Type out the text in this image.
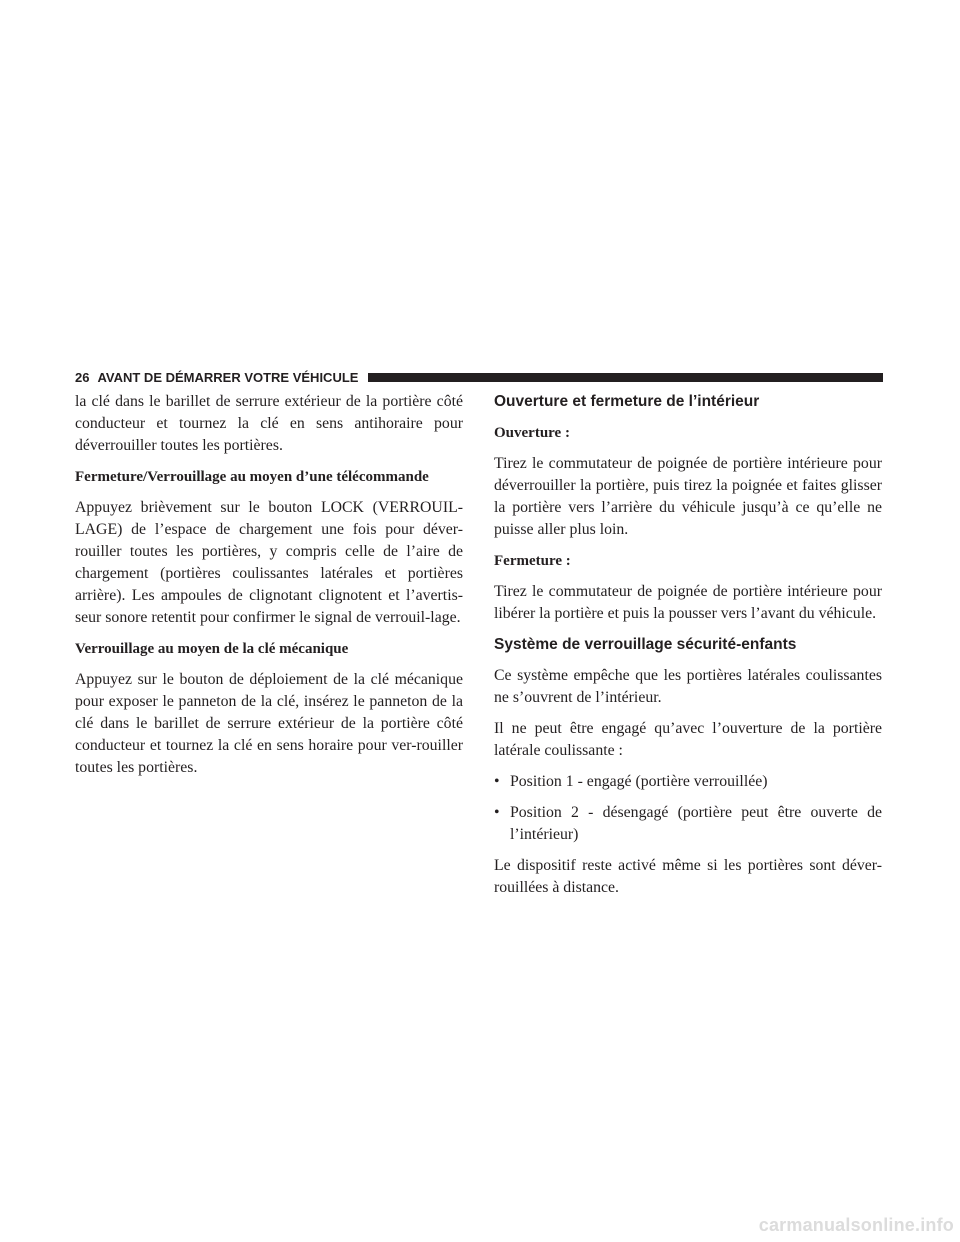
26 AVANT DE DÉMARRER VOTRE VÉHICULE

la clé dans le barillet de serrure extérieur de la portière côté conducteur et tournez la clé en sens antihoraire pour déverrouiller toutes les portières.

Fermeture/Verrouillage au moyen d’une télécommande

Appuyez brièvement sur le bouton LOCK (VERROUIL-LAGE) de l’espace de chargement une fois pour déver-rouiller toutes les portières, y compris celle de l’aire de chargement (portières coulissantes latérales et portières arrière). Les ampoules de clignotant clignotent et l’avertis-seur sonore retentit pour confirmer le signal de verrouil-lage.

Verrouillage au moyen de la clé mécanique

Appuyez sur le bouton de déploiement de la clé mécanique pour exposer le panneton de la clé, insérez le panneton de la clé dans le barillet de serrure extérieur de la portière côté conducteur et tournez la clé en sens horaire pour ver-rouiller toutes les portières.

Ouverture et fermeture de l’intérieur
Ouverture :

Tirez le commutateur de poignée de portière intérieure pour déverrouiller la portière, puis tirez la poignée et faites glisser la portière vers l’arrière du véhicule jusqu’à ce qu’elle ne puisse aller plus loin.

Fermeture :

Tirez le commutateur de poignée de portière intérieure pour libérer la portière et puis la pousser vers l’avant du véhicule.

Système de verrouillage sécurité-enfants

Ce système empêche que les portières latérales coulissantes ne s’ouvrent de l’intérieur.

Il ne peut être engagé qu’avec l’ouverture de la portière latérale coulissante :

• Position 1 - engagé (portière verrouillée)
• Position 2 - désengagé (portière peut être ouverte de l’intérieur)

Le dispositif reste activé même si les portières sont déver-rouillées à distance.

carmanualsonline.info
